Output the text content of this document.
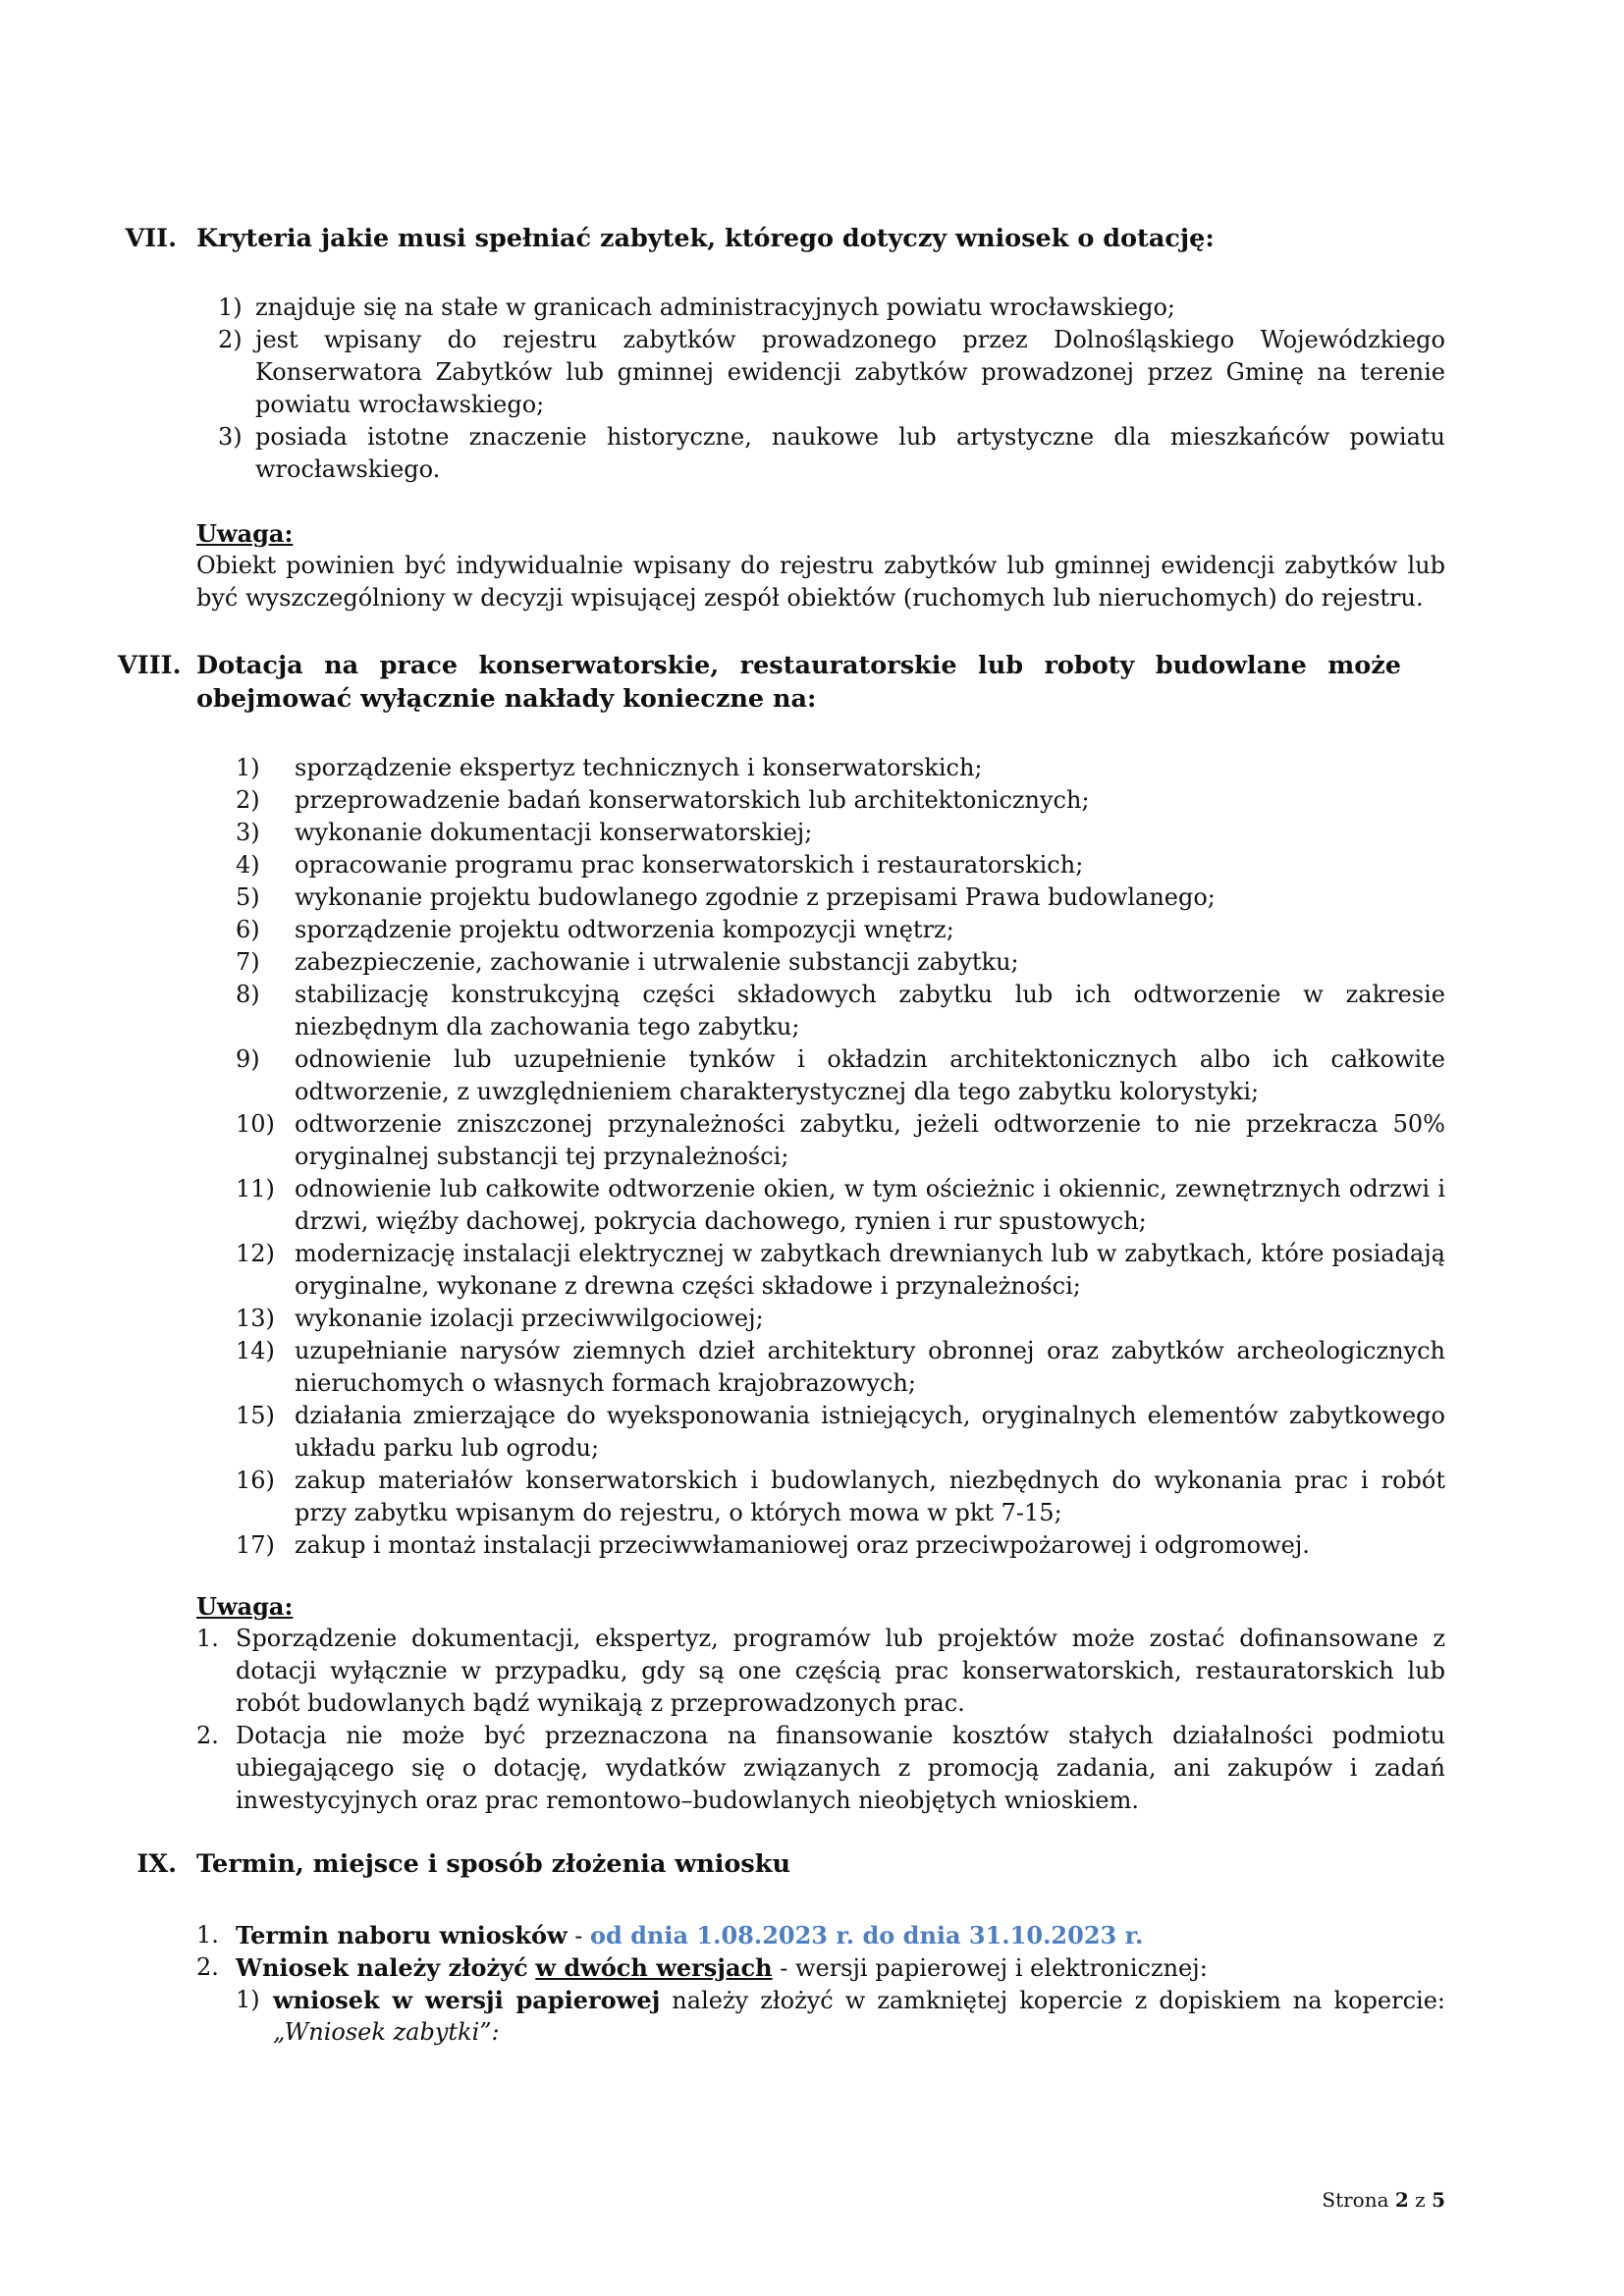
VII. Kryteria jakie musi spełniać zabytek, którego dotyczy wniosek o dotację:
1) znajduje się na stałe w granicach administracyjnych powiatu wrocławskiego;
2) jest wpisany do rejestru zabytków prowadzonego przez Dolnośląskiego Wojewódzkiego Konserwatora Zabytków lub gminnej ewidencji zabytków prowadzonej przez Gminę na terenie powiatu wrocławskiego;
3) posiada istotne znaczenie historyczne, naukowe lub artystyczne dla mieszkańców powiatu wrocławskiego.
Uwaga:
Obiekt powinien być indywidualnie wpisany do rejestru zabytków lub gminnej ewidencji zabytków lub być wyszczególniony w decyzji wpisującej zespół obiektów (ruchomych lub nieruchomych) do rejestru.
VIII. Dotacja na prace konserwatorskie, restauratorskie lub roboty budowlane może obejmować wyłącznie nakłady konieczne na:
1) sporządzenie ekspertyz technicznych i konserwatorskich;
2) przeprowadzenie badań konserwatorskich lub architektonicznych;
3) wykonanie dokumentacji konserwatorskiej;
4) opracowanie programu prac konserwatorskich i restauratorskich;
5) wykonanie projektu budowlanego zgodnie z przepisami Prawa budowlanego;
6) sporządzenie projektu odtworzenia kompozycji wnętrz;
7) zabezpieczenie, zachowanie i utrwalenie substancji zabytku;
8) stabilizację konstrukcyjną części składowych zabytku lub ich odtworzenie w zakresie niezbędnym dla zachowania tego zabytku;
9) odnowienie lub uzupełnienie tynków i okładzin architektonicznych albo ich całkowite odtworzenie, z uwzględnieniem charakterystycznej dla tego zabytku kolorystyki;
10) odtworzenie zniszczonej przynależności zabytku, jeżeli odtworzenie to nie przekracza 50% oryginalnej substancji tej przynależności;
11) odnowienie lub całkowite odtworzenie okien, w tym ościeżnic i okiennic, zewnętrznych odrzwi i drzwi, więźby dachowej, pokrycia dachowego, rynien i rur spustowych;
12) modernizację instalacji elektrycznej w zabytkach drewnianych lub w zabytkach, które posiadają oryginalne, wykonane z drewna części składowe i przynależności;
13) wykonanie izolacji przeciwwilgociowej;
14) uzupełnianie narysów ziemnych dzieł architektury obronnej oraz zabytków archeologicznych nieruchomych o własnych formach krajobrazowych;
15) działania zmierzające do wyeksponowania istniejących, oryginalnych elementów zabytkowego układu parku lub ogrodu;
16) zakup materiałów konserwatorskich i budowlanych, niezbędnych do wykonania prac i robót przy zabytku wpisanym do rejestru, o których mowa w pkt 7-15;
17) zakup i montaż instalacji przeciwwłamaniowej oraz przeciwpożarowej i odgromowej.
Uwaga:
1. Sporządzenie dokumentacji, ekspertyz, programów lub projektów może zostać dofinansowane z dotacji wyłącznie w przypadku, gdy są one częścią prac konserwatorskich, restauratorskich lub robót budowlanych bądź wynikają z przeprowadzonych prac.
2. Dotacja nie może być przeznaczona na finansowanie kosztów stałych działalności podmiotu ubiegającego się o dotację, wydatków związanych z promocją zadania, ani zakupów i zadań inwestycyjnych oraz prac remontowo–budowlanych nieobjętych wnioskiem.
IX. Termin, miejsce i sposób złożenia wniosku
1. Termin naboru wniosków - od dnia 1.08.2023 r. do dnia 31.10.2023 r.
2. Wniosek należy złożyć w dwóch wersjach - wersji papierowej i elektronicznej:
1) wniosek w wersji papierowej należy złożyć w zamkniętej kopercie z dopiskiem na kopercie:
„Wniosek zabytki”:
Strona 2 z 5
